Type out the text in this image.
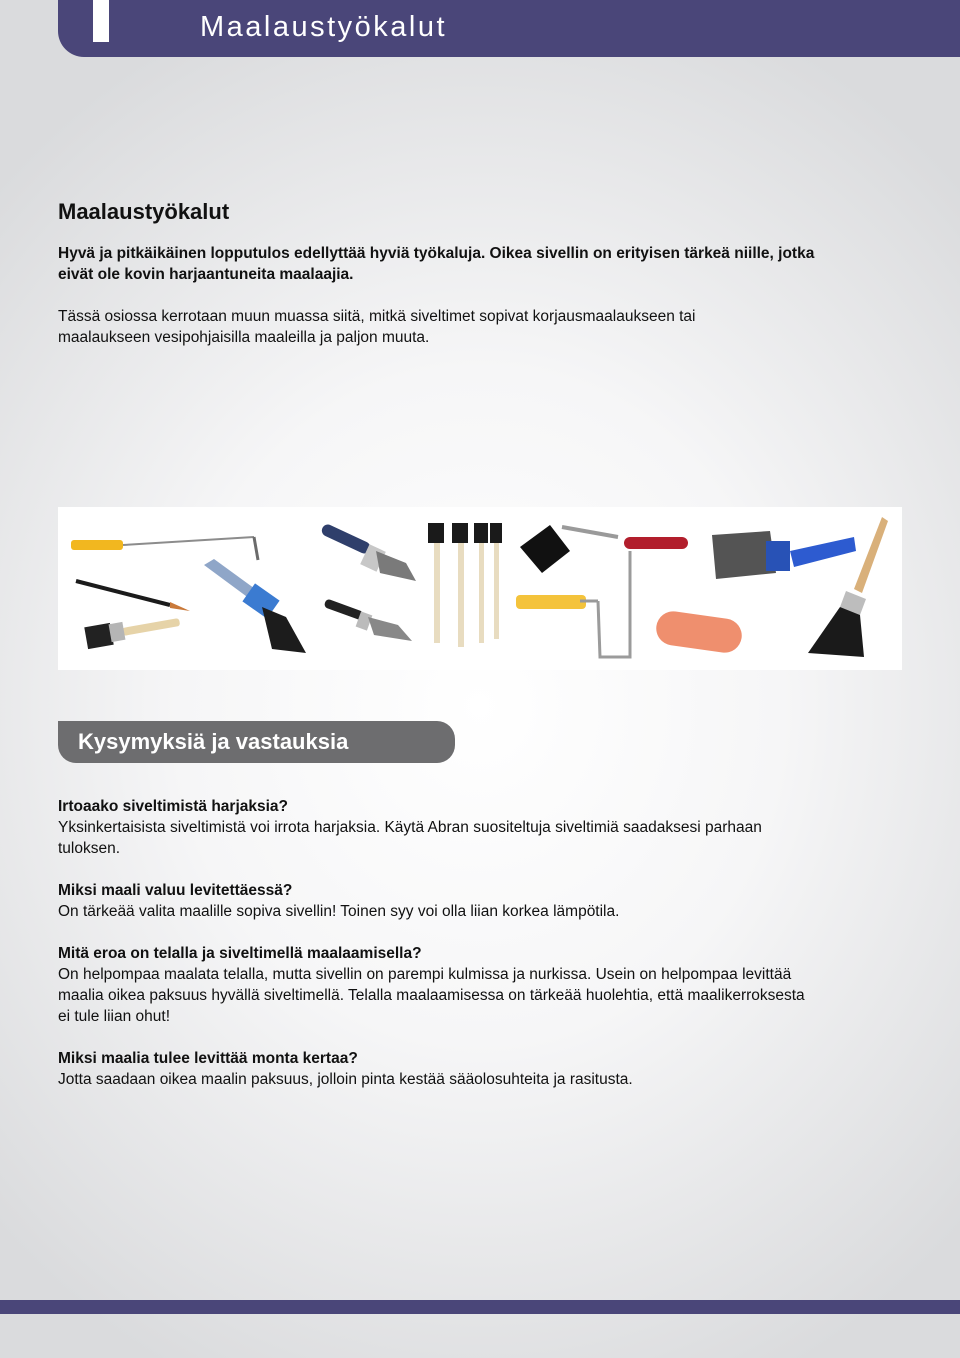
Maalaustyökalut
Maalaustyökalut

Hyvä ja pitkäikäinen lopputulos edellyttää hyviä työkaluja. Oikea sivellin on erityisen tärkeä niille, jotka eivät ole kovin harjaantuneita maalaajia.

Tässä osiossa kerrotaan muun muassa siitä, mitkä siveltimet sopivat korjausmaalaukseen tai maalaukseen vesipohjaisilla maaleilla ja paljon muuta.

Kysymyksiä ja vastauksia
Irtoaako siveltimistä harjaksia?
Yksinkertaisista siveltimistä voi irrota harjaksia. Käytä Abran suositeltuja siveltimiä saadaksesi parhaan tuloksen.
Miksi maali valuu levitettäessä?
On tärkeää valita maalille sopiva sivellin! Toinen syy voi olla liian korkea lämpötila.
Mitä eroa on telalla ja siveltimellä maalaamisella?
On helpompaa maalata telalla, mutta sivellin on parempi kulmissa ja nurkissa. Usein on helpompaa levittää maalia oikea paksuus hyvällä siveltimellä. Telalla maalaamisessa on tärkeää huolehtia, että maalikerroksesta ei tule liian ohut!
Miksi maalia tulee levittää monta kertaa?
Jotta saadaan oikea maalin paksuus, jolloin pinta kestää sääolosuhteita ja rasitusta.
